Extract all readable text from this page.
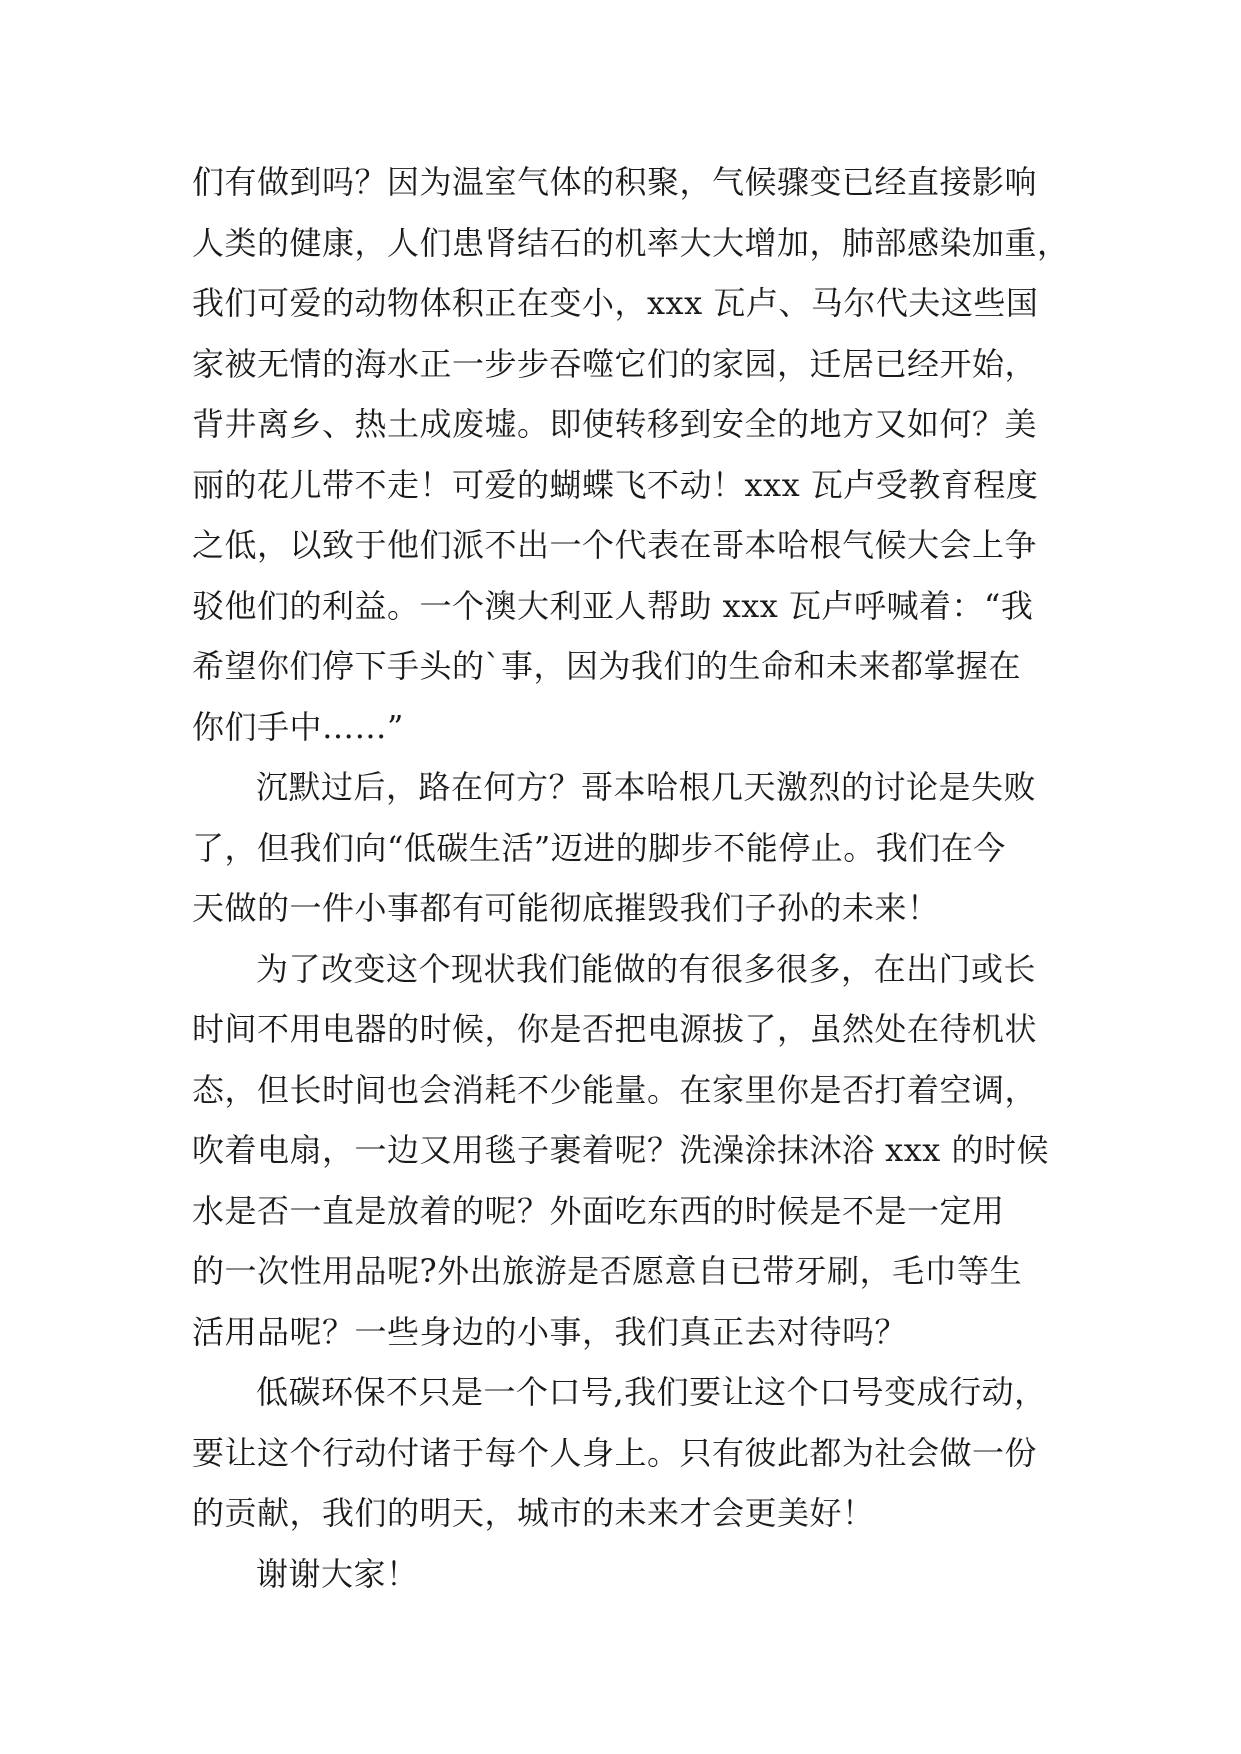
们有做到吗？因为温室气体的积聚，气候骤变已经直接影响
人类的健康，人们患肾结石的机率大大增加，肺部感染加重，
我们可爱的动物体积正在变小，xxx 瓦卢、马尔代夫这些国
家被无情的海水正一步步吞噬它们的家园，迁居已经开始，
背井离乡、热土成废墟。即使转移到安全的地方又如何？美
丽的花儿带不走！可爱的蝴蝶飞不动！xxx 瓦卢受教育程度
之低，以致于他们派不出一个代表在哥本哈根气候大会上争
驳他们的利益。一个澳大利亚人帮助 xxx 瓦卢呼喊着：“我
希望你们停下手头的`事，因为我们的生命和未来都掌握在
你们手中……”
沉默过后，路在何方？哥本哈根几天激烈的讨论是失败
了，但我们向“低碳生活”迈进的脚步不能停止。我们在今
天做的一件小事都有可能彻底摧毁我们子孙的未来！
为了改变这个现状我们能做的有很多很多，在出门或长
时间不用电器的时候，你是否把电源拔了，虽然处在待机状
态，但长时间也会消耗不少能量。在家里你是否打着空调，
吹着电扇，一边又用毯子裹着呢？洗澡涂抹沐浴 xxx 的时候
水是否一直是放着的呢？外面吃东西的时候是不是一定用
的一次性用品呢?外出旅游是否愿意自已带牙刷，毛巾等生
活用品呢？一些身边的小事，我们真正去对待吗？
低碳环保不只是一个口号,我们要让这个口号变成行动，
要让这个行动付诸于每个人身上。只有彼此都为社会做一份
的贡献，我们的明天，城市的未来才会更美好！
谢谢大家！
